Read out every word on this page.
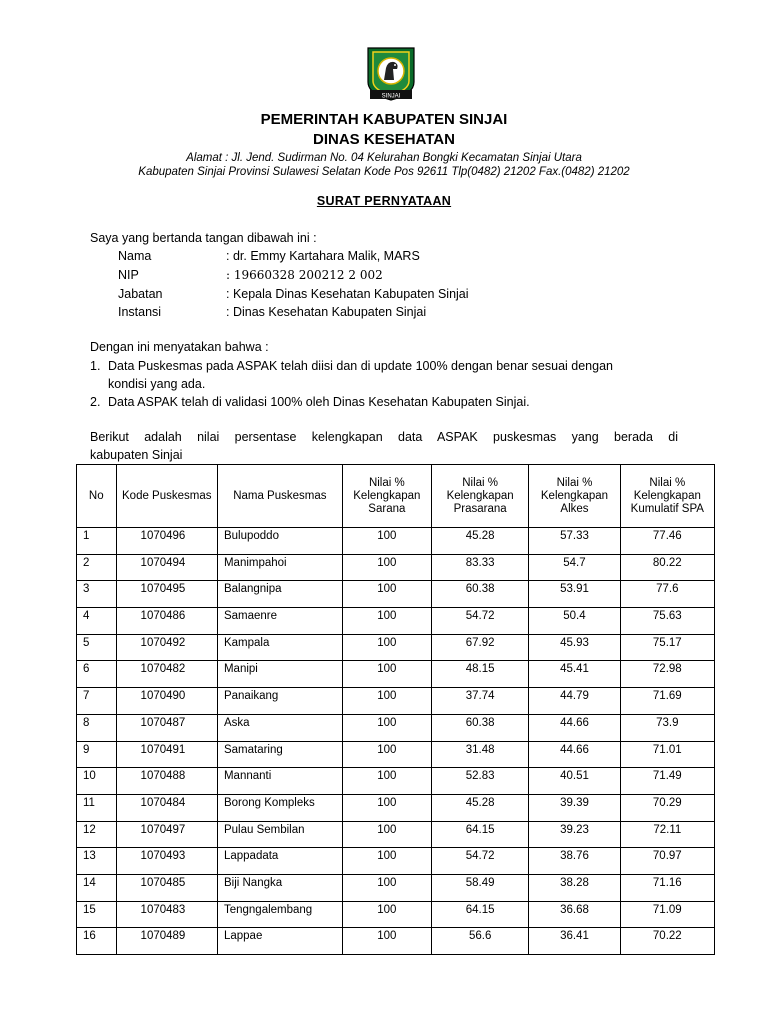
SINJAI
PEMERINTAH KABUPATEN SINJAI
DINAS KESEHATAN
Alamat : Jl. Jend. Sudirman No. 04 Kelurahan Bongki Kecamatan Sinjai Utara
Kabupaten Sinjai Provinsi Sulawesi Selatan Kode Pos 92611 Tlp(0482) 21202 Fax.(0482) 21202
SURAT PERNYATAAN
Saya yang bertanda tangan dibawah ini :
Nama	: dr. Emmy Kartahara Malik, MARS
NIP	: 19660328 200212 2 002
Jabatan	: Kepala Dinas Kesehatan Kabupaten Sinjai
Instansi	: Dinas Kesehatan Kabupaten Sinjai
Dengan ini menyatakan bahwa :
1. Data Puskesmas pada ASPAK telah diisi dan di update 100% dengan benar sesuai dengan
kondisi yang ada.
2. Data ASPAK telah di validasi 100% oleh Dinas Kesehatan Kabupaten Sinjai.
Berikut adalah nilai persentase kelengkapan data ASPAK puskesmas yang berada di
kabupaten Sinjai
No	Kode Puskesmas	Nama Puskesmas	Nilai % Kelengkapan Sarana	Nilai % Kelengkapan Prasarana	Nilai % Kelengkapan Alkes	Nilai % Kelengkapan Kumulatif SPA
1	1070496	Bulupoddo	100	45.28	57.33	77.46
2	1070494	Manimpahoi	100	83.33	54.7	80.22
3	1070495	Balangnipa	100	60.38	53.91	77.6
4	1070486	Samaenre	100	54.72	50.4	75.63
5	1070492	Kampala	100	67.92	45.93	75.17
6	1070482	Manipi	100	48.15	45.41	72.98
7	1070490	Panaikang	100	37.74	44.79	71.69
8	1070487	Aska	100	60.38	44.66	73.9
9	1070491	Samataring	100	31.48	44.66	71.01
10	1070488	Mannanti	100	52.83	40.51	71.49
11	1070484	Borong Kompleks	100	45.28	39.39	70.29
12	1070497	Pulau Sembilan	100	64.15	39.23	72.11
13	1070493	Lappadata	100	54.72	38.76	70.97
14	1070485	Biji Nangka	100	58.49	38.28	71.16
15	1070483	Tengngalembang	100	64.15	36.68	71.09
16	1070489	Lappae	100	56.6	36.41	70.22
